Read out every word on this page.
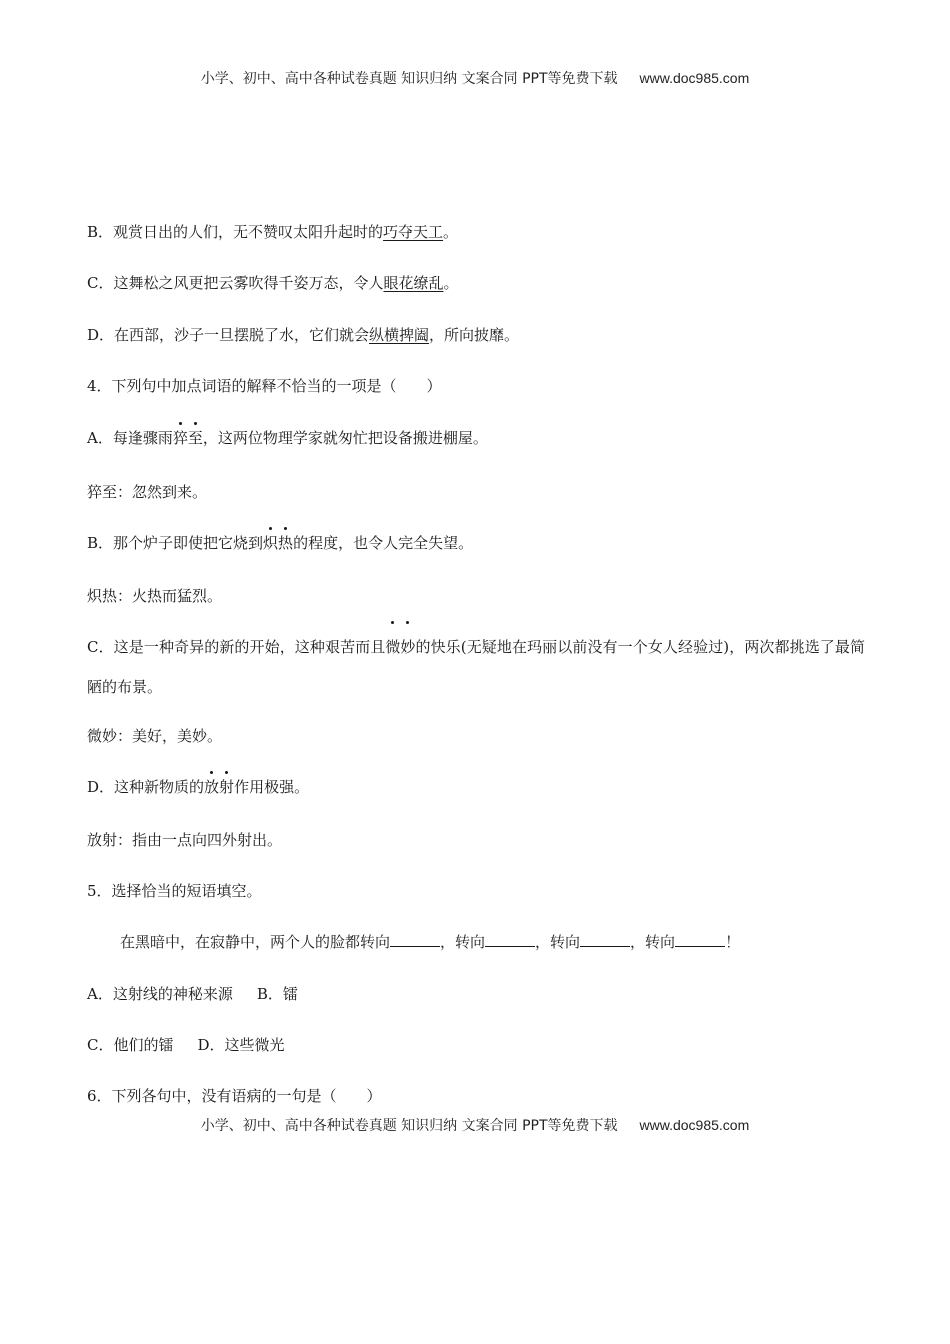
小学、初中、高中各种试卷真题 知识归纳 文案合同 PPT等免费下载 www.doc985.com
B．观赏日出的人们，无不赞叹太阳升起时的巧夺天工。
C．这舞松之风更把云雾吹得千姿万态，令人眼花缭乱。
D．在西部，沙子一旦摆脱了水，它们就会纵横捭阖，所向披靡。
4．下列句中加点词语的解释不恰当的一项是（　　）
A．每逢骤雨猝至，这两位物理学家就匆忙把设备搬进棚屋。
猝至：忽然到来。
B．那个炉子即使把它烧到炽热的程度，也令人完全失望。
炽热：火热而猛烈。
C．这是一种奇异的新的开始，这种艰苦而且微妙的快乐(无疑地在玛丽以前没有一个女人经验过)，两次都挑选了最简陋的布景。
微妙：美好，美妙。
D．这种新物质的放射作用极强。
放射：指由一点向四外射出。
5．选择恰当的短语填空。
在黑暗中，在寂静中，两个人的脸都转向	，转向	，转向	，转向	！
A．这射线的神秘来源 B．镭
C．他们的镭 D．这些微光
6．下列各句中，没有语病的一句是（　　）
小学、初中、高中各种试卷真题 知识归纳 文案合同 PPT等免费下载 www.doc985.com
